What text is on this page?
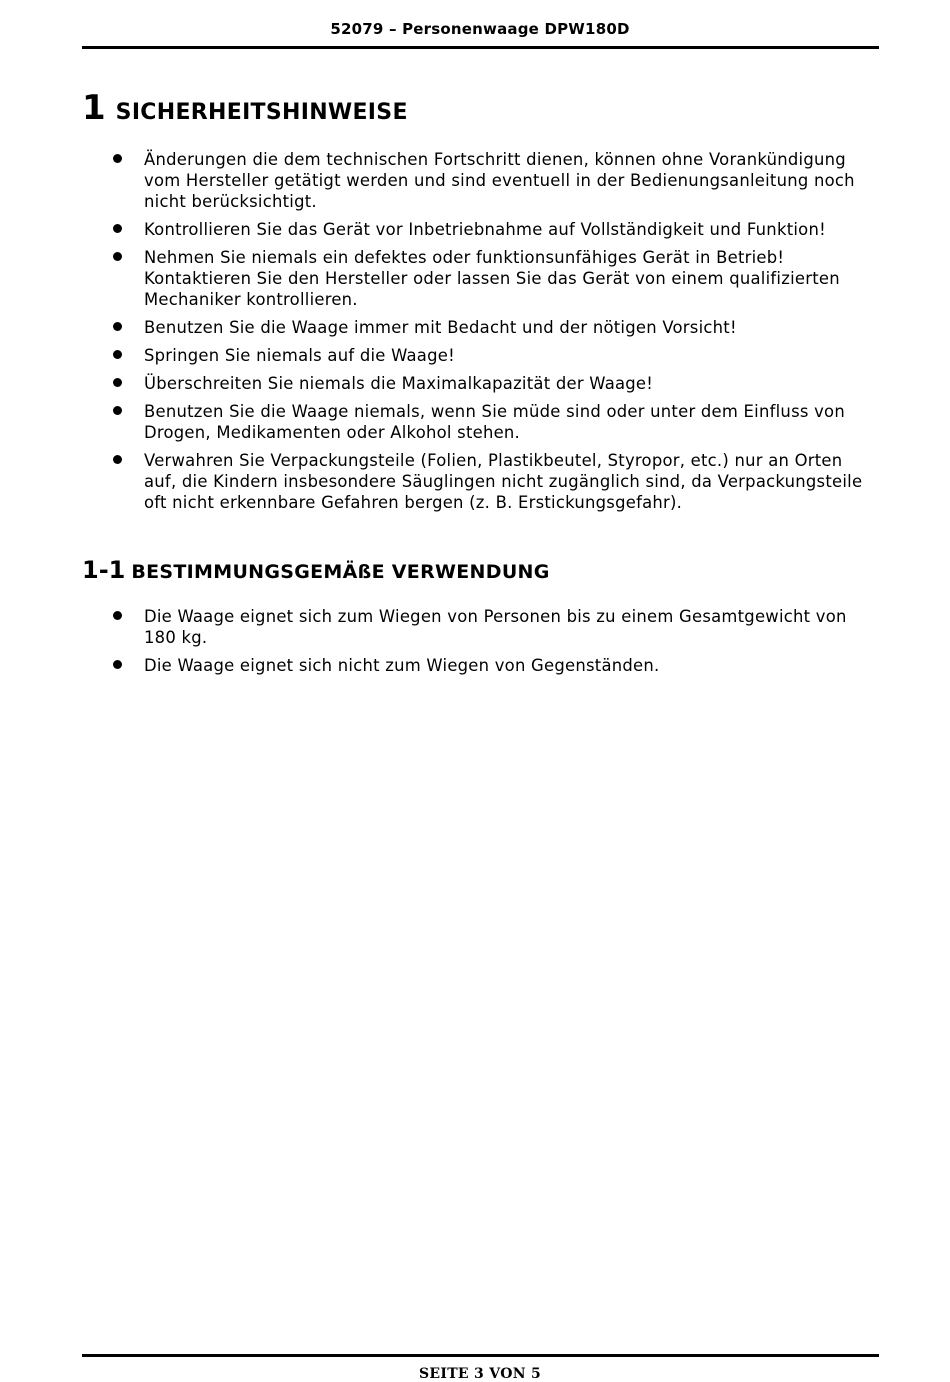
52079 – Personenwaage DPW180D
1 SICHERHEITSHINWEISE
Änderungen die dem technischen Fortschritt dienen, können ohne Vorankündigung vom Hersteller getätigt werden und sind eventuell in der Bedienungsanleitung noch nicht berücksichtigt.
Kontrollieren Sie das Gerät vor Inbetriebnahme auf Vollständigkeit und Funktion!
Nehmen Sie niemals ein defektes oder funktionsunfähiges Gerät in Betrieb! Kontaktieren Sie den Hersteller oder lassen Sie das Gerät von einem qualifizierten Mechaniker kontrollieren.
Benutzen Sie die Waage immer mit Bedacht und der nötigen Vorsicht!
Springen Sie niemals auf die Waage!
Überschreiten Sie niemals die Maximalkapazität der Waage!
Benutzen Sie die Waage niemals, wenn Sie müde sind oder unter dem Einfluss von Drogen, Medikamenten oder Alkohol stehen.
Verwahren Sie Verpackungsteile (Folien, Plastikbeutel, Styropor, etc.) nur an Orten auf, die Kindern insbesondere Säuglingen nicht zugänglich sind, da Verpackungsteile oft nicht erkennbare Gefahren bergen (z. B. Erstickungsgefahr).
1-1 BESTIMMUNGSGEMÄßE VERWENDUNG
Die Waage eignet sich zum Wiegen von Personen bis zu einem Gesamtgewicht von 180 kg.
Die Waage eignet sich nicht zum Wiegen von Gegenständen.
SEITE 3 VON 5
